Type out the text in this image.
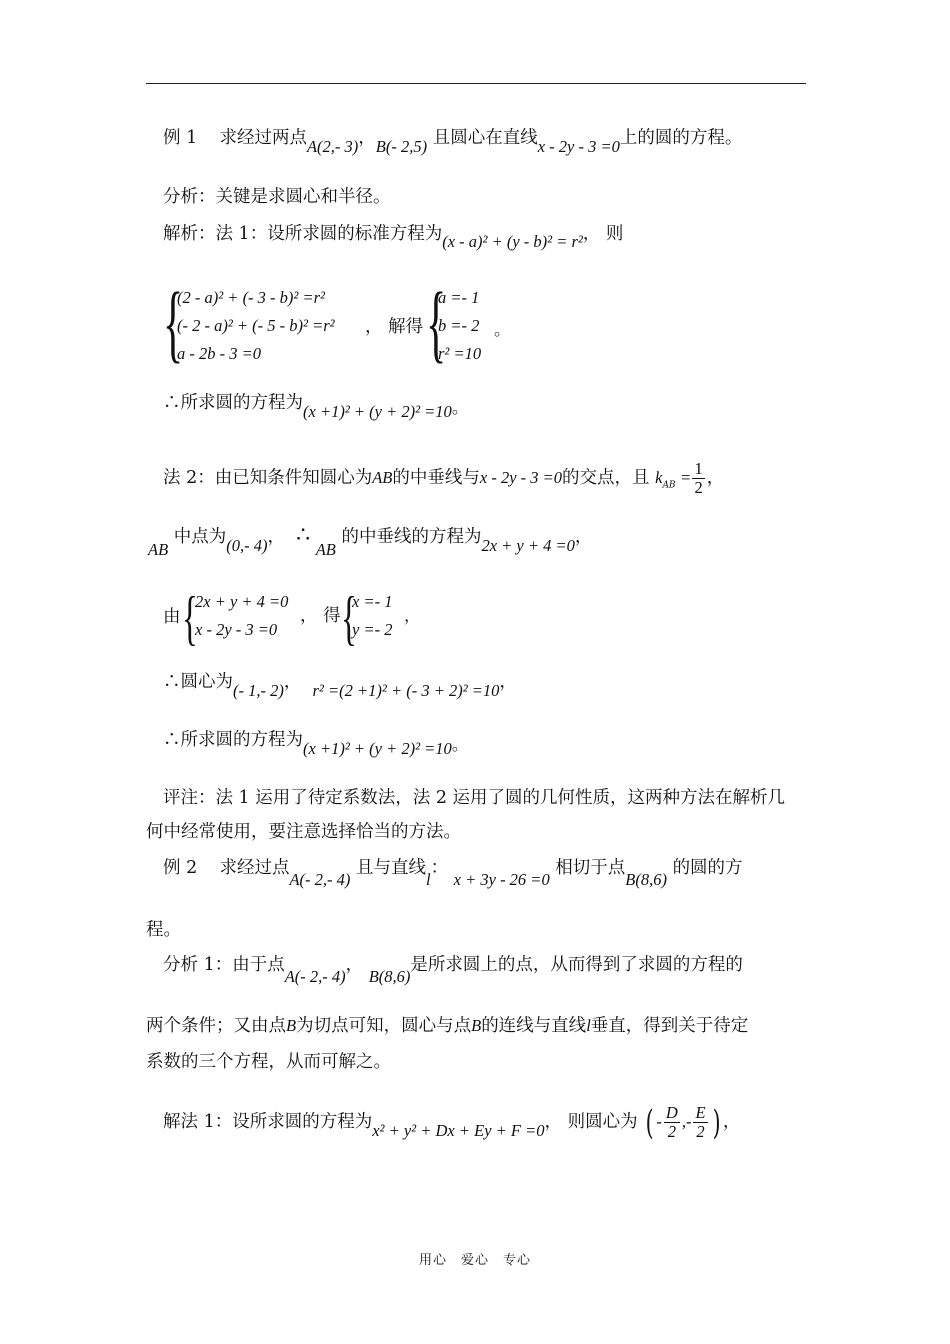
例 1 求经过两点A(2,- 3)，B(- 2,5) 且圆心在直线x - 2y - 3 =0上的圆的方程。
分析：关键是求圆心和半径。
解析：法 1：设所求圆的标准方程为(x - a)² + (y - b)² = r²， 则
{
(2 - a)² + (- 3 - b)² =r²
(- 2 - a)² + (- 5 - b)² =r²
a - 2b - 3 =0
， 解得 {
a =- 1
b =- 2
r² =10
。
∴所求圆的方程为(x +1)² + (y + 2)² =10。
法 2：由已知条件知圆心为AB的中垂线与x - 2y - 3 =0的交点，且 $k_{AB} = \frac{1}{2}$ ，
AB 中点为(0,- 4)， ∴ AB 的中垂线的方程为2x + y + 4 =0，
由 {
2x + y + 4 =0
x - 2y - 3 =0
， 得 {
x =- 1
y =- 2
，
∴圆心为(- 1,- 2)， r² =(2 +1)² + (- 3 + 2)² =10，
∴所求圆的方程为(x +1)² + (y + 2)² =10。
评注：法 1 运用了待定系数法，法 2 运用了圆的几何性质，这两种方法在解析几
何中经常使用，要注意选择恰当的方法。
例 2 求经过点A(- 2,- 4) 且与直线l： x + 3y - 26 =0 相切于点B(8,6) 的圆的方
程。
分析 1：由于点A(- 2,- 4)， B(8,6)是所求圆上的点，从而得到了求圆的方程的
两个条件；又由点B为切点可知，圆心与点B的连线与直线l垂直，得到关于待定
系数的三个方程，从而可解之。
解法 1：设所求圆的方程为x² + y² + Dx + Ey + F =0， 则圆心为 ( - $\frac{D}{2}$ ,- $\frac{E}{2}$ ) ，
用心　爱心　专心
